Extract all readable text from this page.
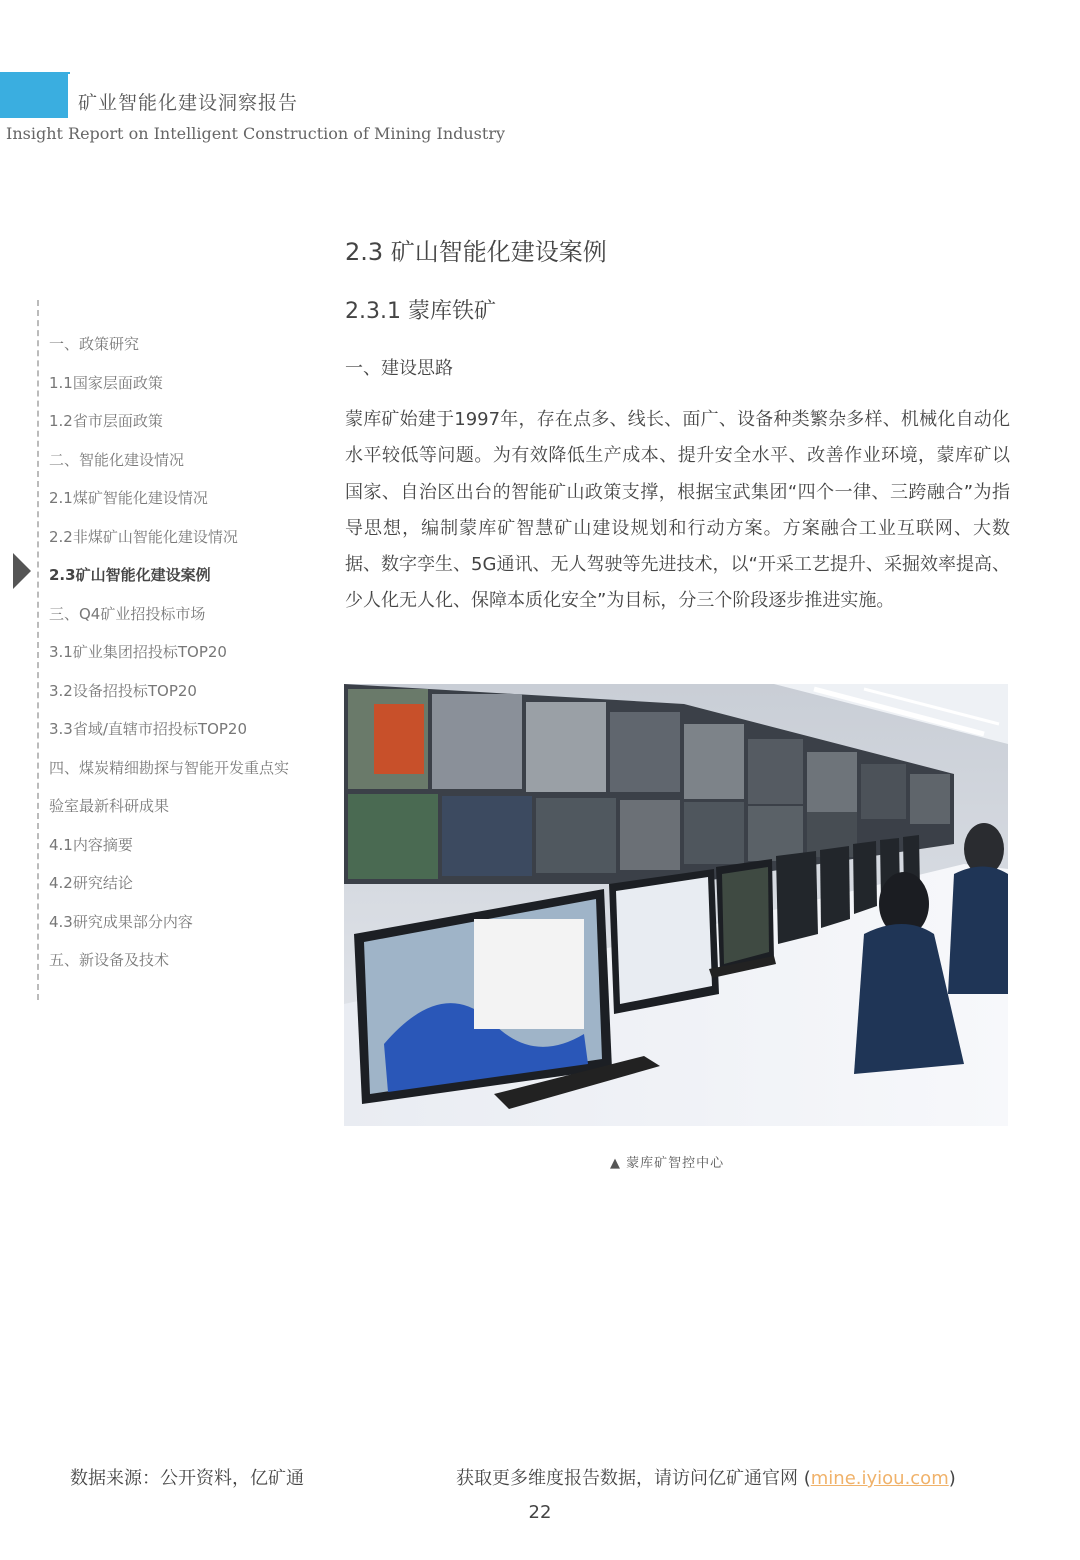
矿业智能化建设洞察报告
Insight Report on Intelligent Construction of Mining Industry
一、政策研究
1.1国家层面政策
1.2省市层面政策
二、智能化建设情况
2.1煤矿智能化建设情况
2.2非煤矿山智能化建设情况
2.3矿山智能化建设案例
三、Q4矿业招投标市场
3.1矿业集团招投标TOP20
3.2设备招投标TOP20
3.3省域/直辖市招投标TOP20
四、煤炭精细勘探与智能开发重点实
验室最新科研成果
4.1内容摘要
4.2研究结论
4.3研究成果部分内容
五、新设备及技术
2.3 矿山智能化建设案例
2.3.1 蒙库铁矿
一、建设思路
蒙库矿始建于1997年，存在点多、线长、面广、设备种类繁杂多样、机械化自动化水平较低等问题。为有效降低生产成本、提升安全水平、改善作业环境，蒙库矿以国家、自治区出台的智能矿山政策支撑，根据宝武集团“四个一律、三跨融合”为指导思想，编制蒙库矿智慧矿山建设规划和行动方案。方案融合工业互联网、大数据、数字孪生、5G通讯、无人驾驶等先进技术，以“开采工艺提升、采掘效率提高、少人化无人化、保障本质化安全”为目标，分三个阶段逐步推进实施。
▲ 蒙库矿智控中心
数据来源：公开资料，亿矿通	获取更多维度报告数据，请访问亿矿通官网 (mine.iyiou.com)
22
